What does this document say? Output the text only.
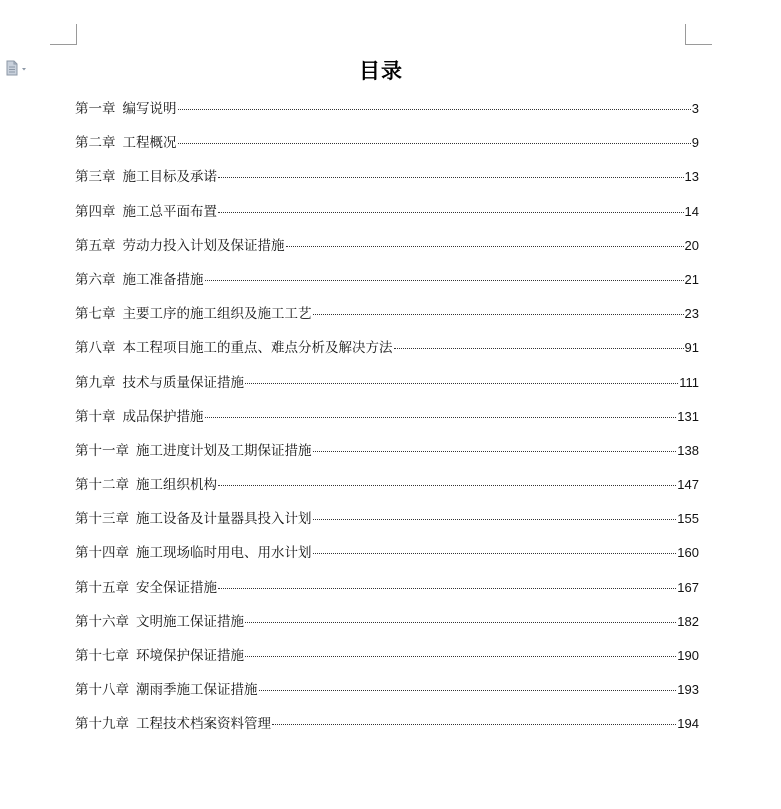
目录
第一章 编写说明	3
第二章 工程概况	9
第三章 施工目标及承诺	13
第四章 施工总平面布置	14
第五章 劳动力投入计划及保证措施	20
第六章 施工准备措施	21
第七章 主要工序的施工组织及施工工艺	23
第八章 本工程项目施工的重点、难点分析及解决方法	91
第九章 技术与质量保证措施	111
第十章 成品保护措施	131
第十一章 施工进度计划及工期保证措施	138
第十二章 施工组织机构	147
第十三章 施工设备及计量器具投入计划	155
第十四章 施工现场临时用电、用水计划	160
第十五章 安全保证措施	167
第十六章 文明施工保证措施	182
第十七章 环境保护保证措施	190
第十八章 潮雨季施工保证措施	193
第十九章 工程技术档案资料管理	194
